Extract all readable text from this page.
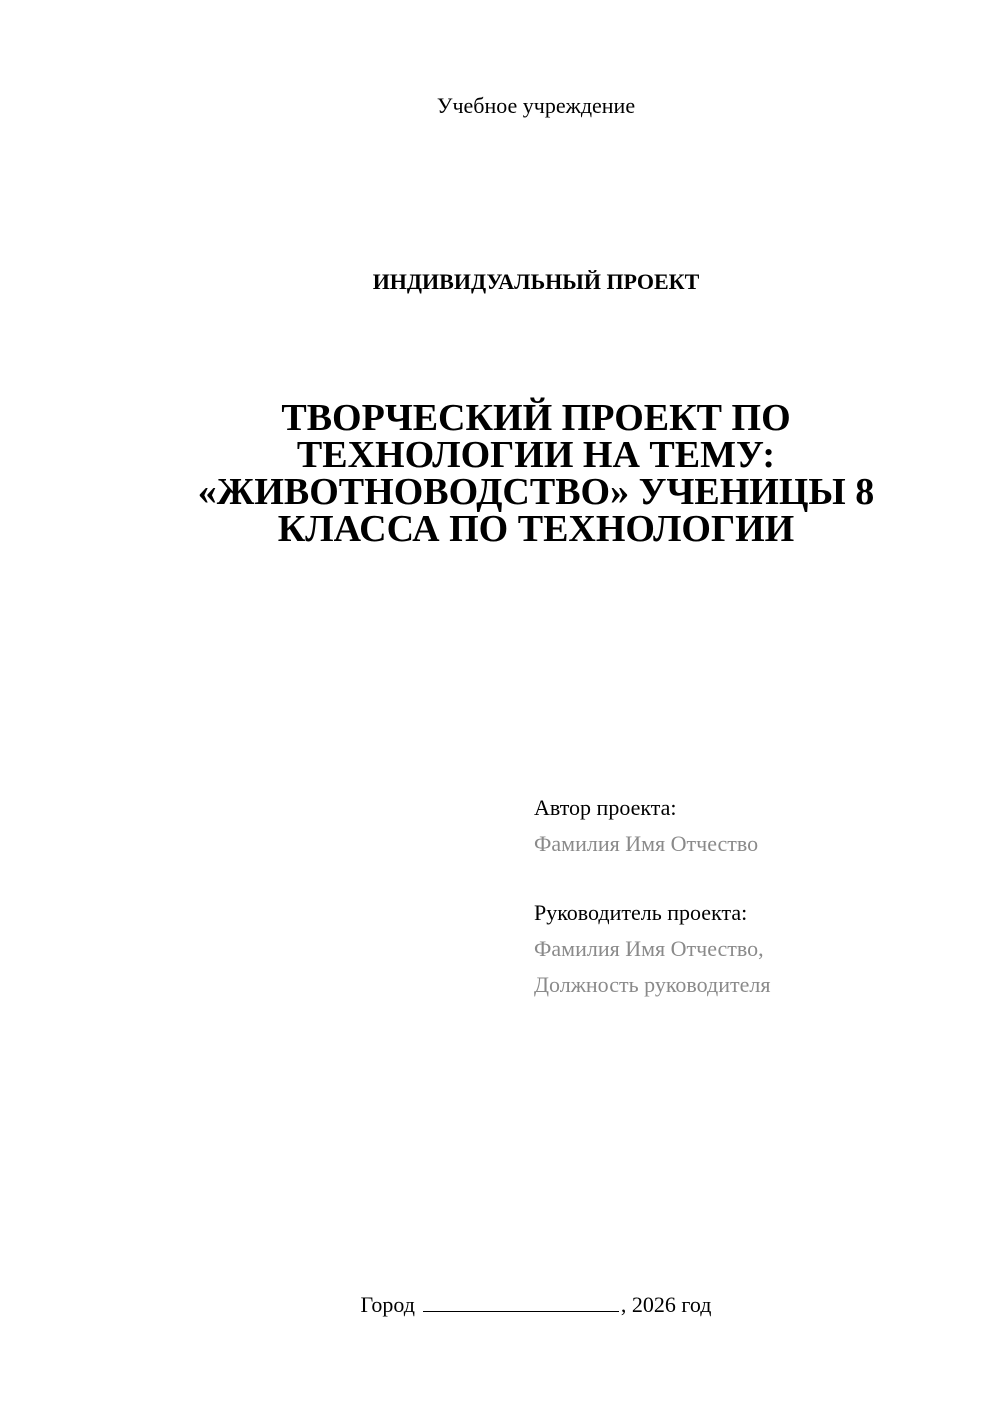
Учебное учреждение
ИНДИВИДУАЛЬНЫЙ ПРОЕКТ
ТВОРЧЕСКИЙ ПРОЕКТ ПО
ТЕХНОЛОГИИ НА ТЕМУ:
«ЖИВОТНОВОДСТВО» УЧЕНИЦЫ 8
КЛАССА ПО ТЕХНОЛОГИИ
Автор проекта:
Фамилия Имя Отчество
Руководитель проекта:
Фамилия Имя Отчество,
Должность руководителя
Город	, 2026 год
